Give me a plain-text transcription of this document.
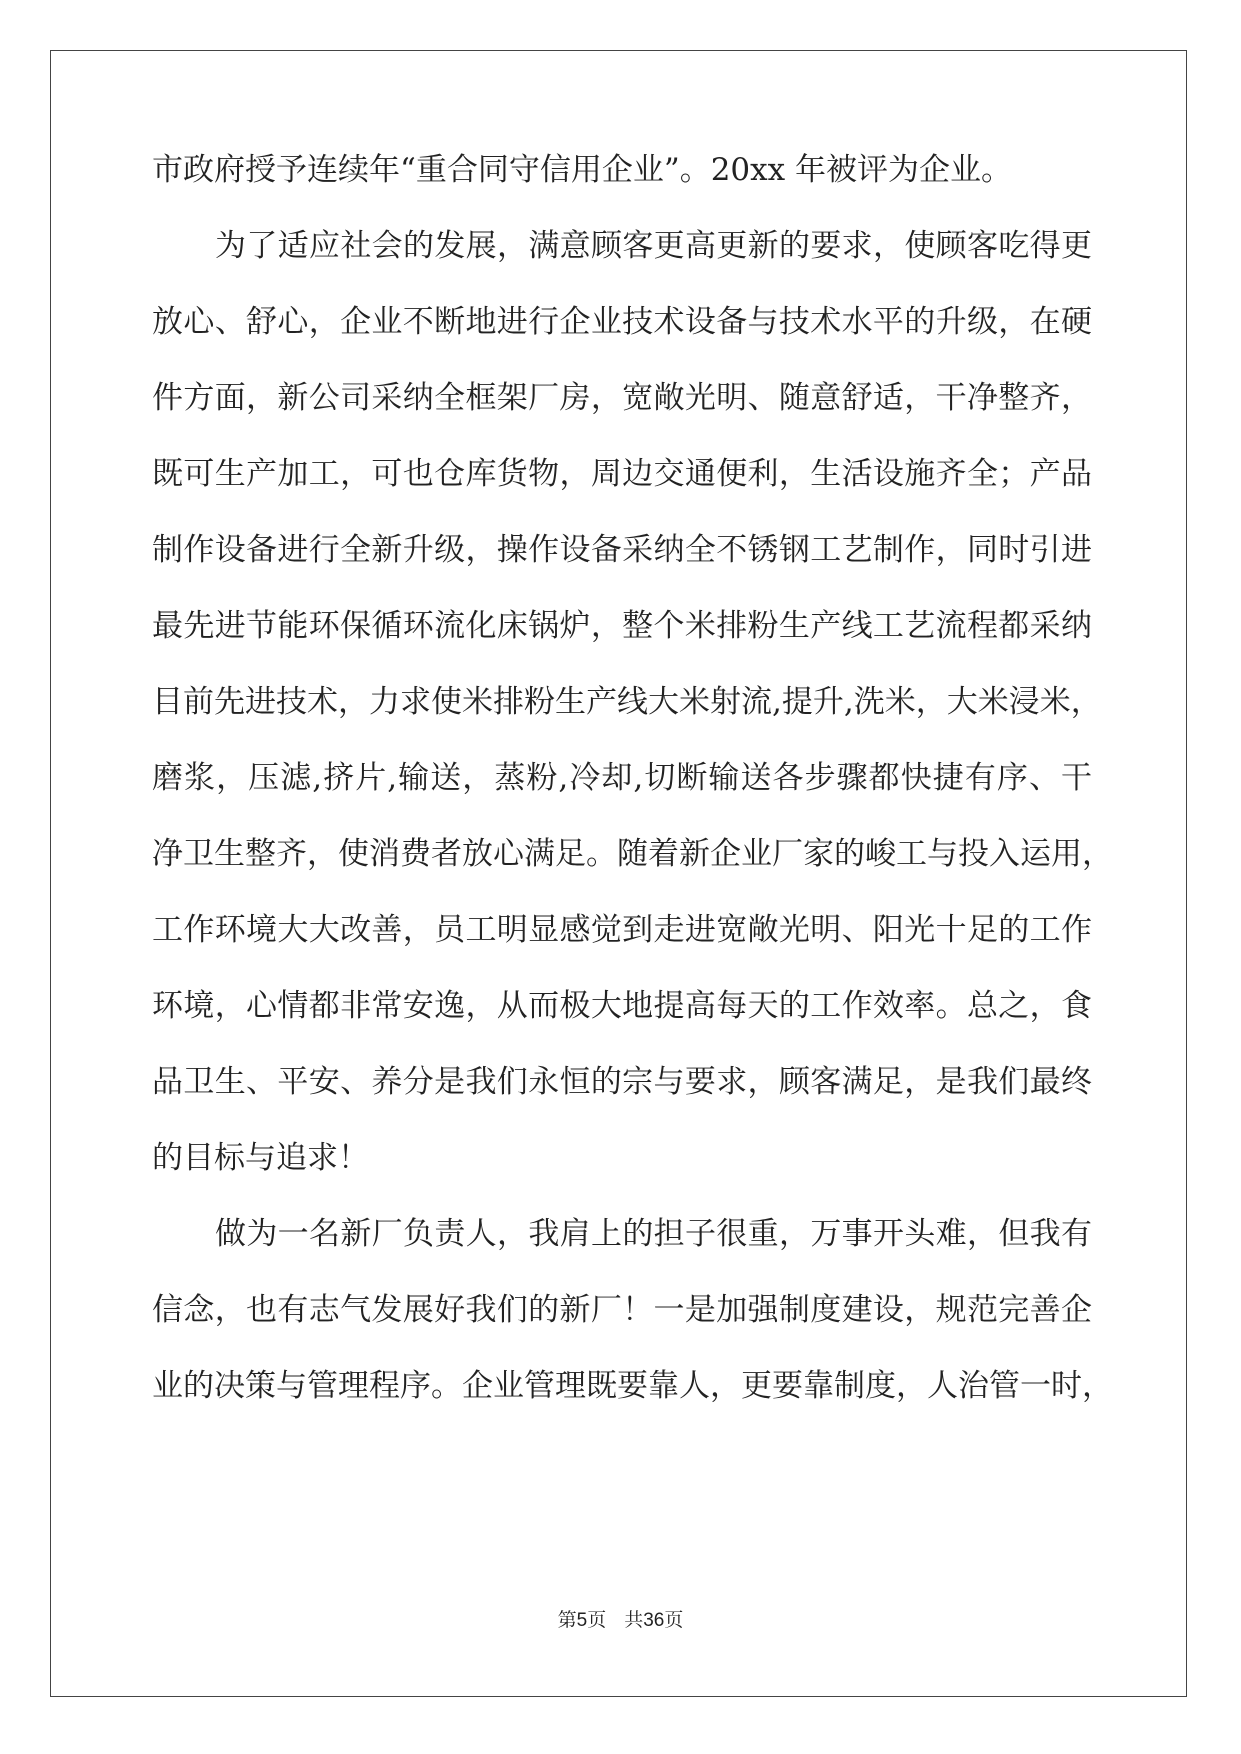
市政府授予连续年“重合同守信用企业”。20xx 年被评为企业。
为了适应社会的发展，满意顾客更高更新的要求，使顾客吃得更
放心、舒心，企业不断地进行企业技术设备与技术水平的升级，在硬
件方面，新公司采纳全框架厂房，宽敞光明、随意舒适，干净整齐，
既可生产加工，可也仓库货物，周边交通便利，生活设施齐全；产品
制作设备进行全新升级，操作设备采纳全不锈钢工艺制作，同时引进
最先进节能环保循环流化床锅炉，整个米排粉生产线工艺流程都采纳
目前先进技术，力求使米排粉生产线大米射流,提升,洗米，大米浸米，
磨浆，压滤,挤片,输送，蒸粉,冷却,切断输送各步骤都快捷有序、干
净卫生整齐，使消费者放心满足。随着新企业厂家的峻工与投入运用，
工作环境大大改善，员工明显感觉到走进宽敞光明、阳光十足的工作
环境，心情都非常安逸，从而极大地提高每天的工作效率。总之，食
品卫生、平安、养分是我们永恒的宗与要求，顾客满足，是我们最终
的目标与追求！
做为一名新厂负责人，我肩上的担子很重，万事开头难，但我有
信念，也有志气发展好我们的新厂！一是加强制度建设，规范完善企
业的决策与管理程序。企业管理既要靠人，更要靠制度，人治管一时，
第5页 共36页
